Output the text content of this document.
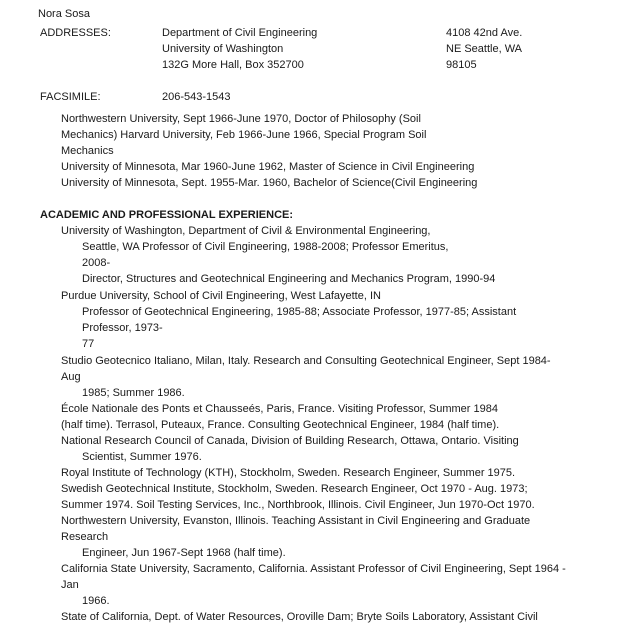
Nora Sosa
ADDRESSES:	Department of Civil Engineering
University of Washington
132G More Hall, Box 352700
4108 42nd Ave.
NE Seattle, WA
98105
FACSIMILE:	206-543-1543
Northwestern University, Sept 1966-June 1970, Doctor of Philosophy (Soil
Mechanics) Harvard University, Feb 1966-June 1966, Special Program Soil
Mechanics
University of Minnesota, Mar 1960-June 1962, Master of Science in Civil Engineering
University of Minnesota, Sept. 1955-Mar. 1960, Bachelor of Science(Civil Engineering
ACADEMIC AND PROFESSIONAL EXPERIENCE:
University of Washington, Department of Civil & Environmental Engineering,
Seattle, WA Professor of Civil Engineering, 1988-2008; Professor Emeritus,
2008-
Director, Structures and Geotechnical Engineering and Mechanics Program, 1990-94
Purdue University, School of Civil Engineering, West Lafayette, IN
Professor of Geotechnical Engineering, 1985-88; Associate Professor, 1977-85; Assistant
Professor, 1973-
77
Studio Geotecnico Italiano, Milan, Italy. Research and Consulting Geotechnical Engineer, Sept 1984-
Aug
1985; Summer 1986.
École Nationale des Ponts et Chausseés, Paris, France. Visiting Professor, Summer 1984
(half time). Terrasol, Puteaux, France. Consulting Geotechnical Engineer, 1984 (half time).
National Research Council of Canada, Division of Building Research, Ottawa, Ontario. Visiting
Scientist, Summer 1976.
Royal Institute of Technology (KTH), Stockholm, Sweden. Research Engineer, Summer 1975.
Swedish Geotechnical Institute, Stockholm, Sweden. Research Engineer, Oct 1970 - Aug. 1973;
Summer 1974. Soil Testing Services, Inc., Northbrook, Illinois. Civil Engineer, Jun 1970-Oct 1970.
Northwestern University, Evanston, Illinois. Teaching Assistant in Civil Engineering and Graduate
Research
Engineer, Jun 1967-Sept 1968 (half time).
California State University, Sacramento, California. Assistant Professor of Civil Engineering, Sept 1964 -
Jan
1966.
State of California, Dept. of Water Resources, Oroville Dam; Bryte Soils Laboratory, Assistant Civil
